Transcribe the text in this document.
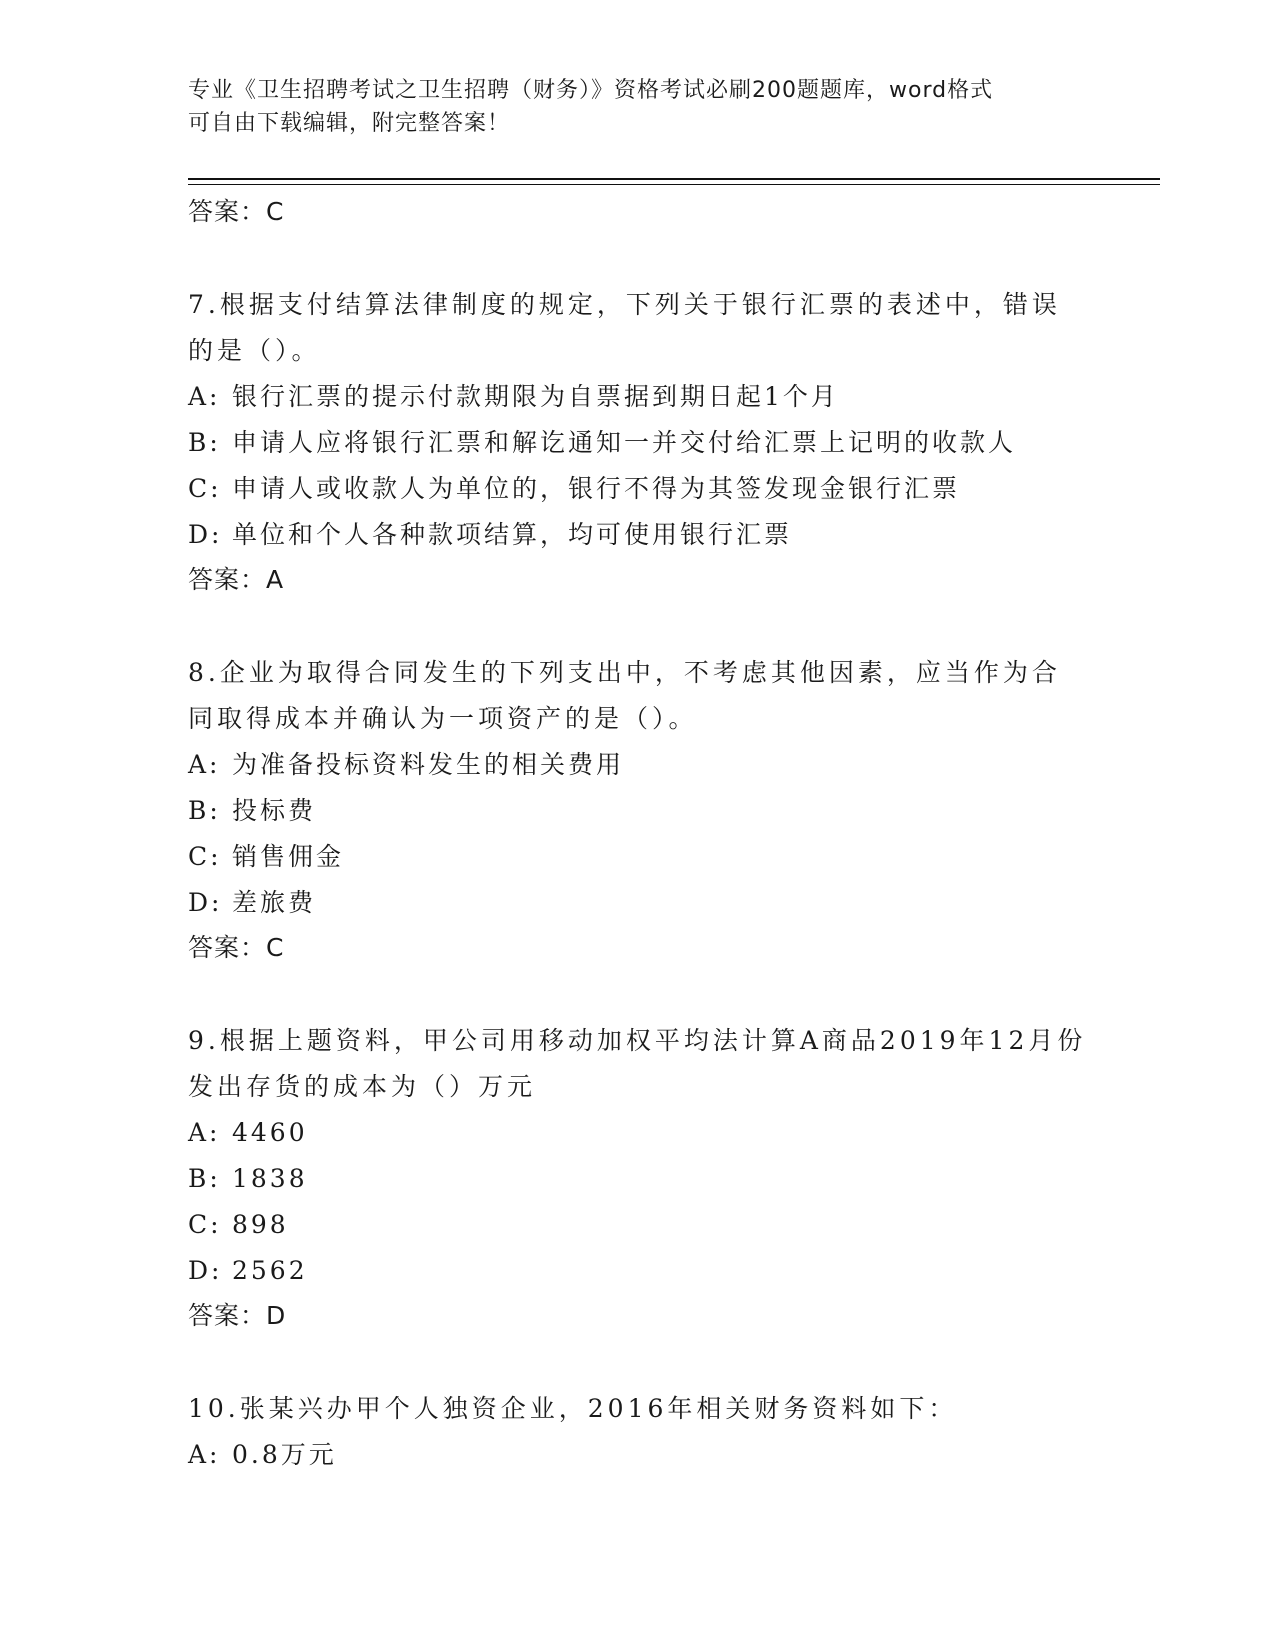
专业《卫生招聘考试之卫生招聘（财务）》资格考试必刷200题题库，word格式
可自由下载编辑，附完整答案！
答案：C
7.根据支付结算法律制度的规定，下列关于银行汇票的表述中，错误的是（）。
A: 银行汇票的提示付款期限为自票据到期日起1个月
B: 申请人应将银行汇票和解讫通知一并交付给汇票上记明的收款人
C: 申请人或收款人为单位的，银行不得为其签发现金银行汇票
D: 单位和个人各种款项结算，均可使用银行汇票
答案：A
8.企业为取得合同发生的下列支出中，不考虑其他因素，应当作为合同取得成本并确认为一项资产的是（）。
A: 为准备投标资料发生的相关费用
B: 投标费
C: 销售佣金
D: 差旅费
答案：C
9.根据上题资料，甲公司用移动加权平均法计算A商品2019年12月份发出存货的成本为（）万元
A: 4460
B: 1838
C: 898
D: 2562
答案：D
10.张某兴办甲个人独资企业，2016年相关财务资料如下：
A: 0.8万元
